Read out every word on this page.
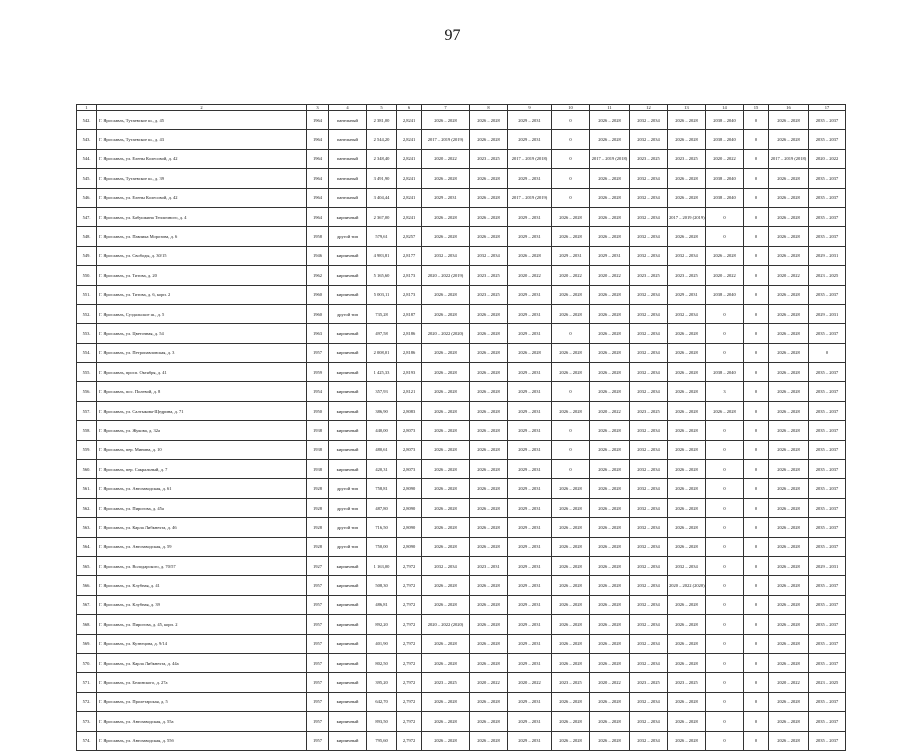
97
1	2	3	4	5	6	7	8	9	10	11	12	13	14	15	16	17
542.	Г. Ярославль, Тутаевское ш., д. 45	1964	панельный	2 381,00	2,8241	2026 – 2028	2026 – 2028	2029 – 2031	0	2026 – 2028	2032 – 2034	2026 – 2028	2038 – 2040	0	2026 – 2028	2035 – 2037
543.	Г. Ярославль, Тутаевское ш., д. 43	1964	панельный	2 544,20	2,8241	2017 – 2019 (2019)	2026 – 2028	2029 – 2031	0	2026 – 2028	2032 – 2034	2026 – 2028	2038 – 2040	0	2026 – 2028	2035 – 2037
544.	Г. Ярославль, ул. Елены Колесовой, д. 42	1964	панельный	2 348,40	2,8241	2020 – 2022	2023 – 2025	2017 – 2019 (2018)	0	2017 – 2019 (2018)	2023 – 2025	2023 – 2025	2020 – 2022	0	2017 – 2019 (2018)	2020 – 2022
545.	Г. Ярославль, Тутаевское ш., д. 39	1964	панельный	3 491,90	2,8241	2026 – 2028	2026 – 2028	2029 – 2031	0	2026 – 2028	2032 – 2034	2026 – 2028	2038 – 2040	0	2026 – 2028	2035 – 2037
546.	Г. Ярославль, ул. Елены Колесовой, д. 42	1964	панельный	3 404,44	2,8241	2029 – 2031	2026 – 2028	2017 – 2019 (2019)	0	2026 – 2028	2032 – 2034	2026 – 2028	2038 – 2040	0	2026 – 2028	2035 – 2037
547.	Г. Ярославль, ул. Бабушкина Тепличного, д. 4	1964	кирпичный	2 367,00	2,8241	2026 – 2028	2026 – 2028	2029 – 2031	2026 – 2028	2026 – 2028	2032 – 2034	2017 – 2019 (2019)	0	0	2026 – 2028	2035 – 2037
548.	Г. Ярославль, ул. Павлика Морозова, д. 6	1958	другой тип	579,61	2,8257	2026 – 2028	2026 – 2028	2029 – 2031	2026 – 2028	2026 – 2028	2032 – 2034	2026 – 2028	0	0	2026 – 2028	2035 – 2037
549.	Г. Ярославль, ул. Свободы, д. 30/15	1946	кирпичный	4 983,81	2,8177	2032 – 2034	2032 – 2034	2026 – 2028	2029 – 2031	2029 – 2031	2032 – 2034	2032 – 2034	2026 – 2028	0	2026 – 2028	2029 – 2031
550.	Г. Ярославль, ул. Титова, д. 20	1962	кирпичный	5 165,60	2,8173	2020 – 2022 (2019)	2023 – 2025	2020 – 2022	2020 – 2022	2020 – 2022	2023 – 2025	2023 – 2025	2020 – 2022	0	2020 – 2022	2023 – 2025
551.	Г. Ярославль, ул. Титова, д. 6, корп. 2	1960	кирпичный	5 003,11	2,8173	2026 – 2028	2023 – 2025	2029 – 2031	2026 – 2028	2026 – 2028	2032 – 2034	2029 – 2031	2038 – 2040	0	2026 – 2028	2035 – 2037
552.	Г. Ярославль, Суздальское ш., д. 5	1960	другой тип	735,28	2,8187	2026 – 2028	2026 – 2028	2029 – 2031	2026 – 2028	2026 – 2028	2032 – 2034	2032 – 2034	0	0	2026 – 2028	2029 – 2031
553.	Г. Ярославль, ул. Цветочная, д. 54	1963	кирпичный	497,58	2,8186	2020 – 2022 (2020)	2026 – 2028	2029 – 2031	0	2026 – 2028	2032 – 2034	2026 – 2028	0	0	2026 – 2028	2035 – 2037
554.	Г. Ярославль, ул. Петропавловская, д. 3	1957	кирпичный	2 008,01	2,8186	2026 – 2028	2026 – 2028	2026 – 2028	2026 – 2028	2026 – 2028	2032 – 2034	2026 – 2028	0	0	2026 – 2028	0
555.	Г. Ярославль, просп. Октября, д. 41	1959	кирпичный	1 425,33	2,8193	2026 – 2028	2026 – 2028	2029 – 2031	2026 – 2028	2026 – 2028	2032 – 2034	2026 – 2028	2038 – 2040	0	2026 – 2028	2035 – 2037
556.	Г. Ярославль, пос. Полевой, д. 8	1954	кирпичный	357,93	2,8121	2026 – 2028	2026 – 2028	2029 – 2031	0	2026 – 2028	2032 – 2034	2026 – 2028	3	0	2026 – 2028	2035 – 2037
557.	Г. Ярославль, ул. Салтыкова-Щедрина, д. 71	1950	кирпичный	386,90	2,8083	2026 – 2028	2026 – 2028	2029 – 2031	2026 – 2028	2020 – 2022	2023 – 2025	2026 – 2028	2026 – 2028	0	2026 – 2028	2035 – 2037
558.	Г. Ярославль, ул. Жукова, д. 32а	1938	кирпичный	440,00	2,8073	2026 – 2028	2026 – 2028	2029 – 2031	0	2026 – 2028	2032 – 2034	2026 – 2028	0	0	2026 – 2028	2035 – 2037
559.	Г. Ярославль, пер. Минина, д. 10	1938	кирпичный	480,61	2,8073	2026 – 2028	2026 – 2028	2029 – 2031	0	2026 – 2028	2032 – 2034	2026 – 2028	0	0	2026 – 2028	2035 – 2037
560.	Г. Ярославль, пер. Сакральный, д. 7	1938	кирпичный	420,31	2,8073	2026 – 2028	2026 – 2028	2029 – 2031	0	2026 – 2028	2032 – 2034	2026 – 2028	0	0	2026 – 2028	2035 – 2037
561.	Г. Ярославль, ул. Автозаводская, д. 61	1928	другой тип	758,81	2,8090	2026 – 2028	2026 – 2028	2029 – 2031	2026 – 2028	2026 – 2028	2032 – 2034	2026 – 2028	0	0	2026 – 2028	2035 – 2037
562.	Г. Ярославль, ул. Пирогова, д. 45а	1928	другой тип	487,80	2,8090	2026 – 2028	2026 – 2028	2029 – 2031	2026 – 2028	2026 – 2028	2032 – 2034	2026 – 2028	0	0	2026 – 2028	2035 – 2037
563.	Г. Ярославль, ул. Карла Либкнехта, д. 46	1928	другой тип	716,50	2,8090	2026 – 2028	2026 – 2028	2029 – 2031	2026 – 2028	2026 – 2028	2032 – 2034	2026 – 2028	0	0	2026 – 2028	2035 – 2037
564.	Г. Ярославль, ул. Автозаводская, д. 59	1928	другой тип	750,00	2,8090	2026 – 2028	2026 – 2028	2029 – 2031	2026 – 2028	2026 – 2028	2032 – 2034	2026 – 2028	0	0	2026 – 2028	2035 – 2037
565.	Г. Ярославль, ул. Володарского, д. 70/57	1927	кирпичный	1 163,00	2,7972	2032 – 2034	2023 – 2031	2029 – 2031	2026 – 2028	2026 – 2028	2032 – 2034	2032 – 2034	0	0	2026 – 2028	2029 – 2031
566.	Г. Ярославль, ул. Клубная, д. 41	1957	кирпичный	508,30	2,7972	2026 – 2028	2026 – 2028	2029 – 2031	2026 – 2028	2026 – 2028	2032 – 2034	2020 – 2022 (2020)	0	0	2026 – 2028	2035 – 2037
567.	Г. Ярославль, ул. Клубная, д. 39	1957	кирпичный	486,81	2,7972	2026 – 2028	2026 – 2028	2029 – 2031	2026 – 2028	2026 – 2028	2032 – 2034	2026 – 2028	0	0	2026 – 2028	2035 – 2037
568.	Г. Ярославль, ул. Пирогова, д. 45, корп. 2	1957	кирпичный	892,20	2,7972	2020 – 2022 (2020)	2026 – 2028	2029 – 2031	2026 – 2028	2026 – 2028	2032 – 2034	2026 – 2028	0	0	2026 – 2028	2035 – 2037
569.	Г. Ярославль, ул. Кузнецова, д. 9/14	1957	кирпичный	401,90	2,7972	2026 – 2028	2026 – 2028	2029 – 2031	2026 – 2028	2026 – 2028	2032 – 2034	2026 – 2028	0	0	2026 – 2028	2035 – 2037
570.	Г. Ярославль, ул. Карла Либкнехта, д. 44а	1957	кирпичный	802,50	2,7972	2026 – 2028	2026 – 2028	2029 – 2031	2026 – 2028	2026 – 2028	2032 – 2034	2026 – 2028	0	0	2026 – 2028	2035 – 2037
571.	Г. Ярославль, ул. Белинского, д. 27а	1957	кирпичный	395,20	2,7972	2023 – 2025	2020 – 2022	2020 – 2022	2023 – 2025	2020 – 2022	2023 – 2025	2023 – 2025	0	0	2020 – 2022	2023 – 2025
572.	Г. Ярославль, ул. Пролетарская, д. 5	1957	кирпичный	642,70	2,7972	2026 – 2028	2026 – 2028	2029 – 2031	2026 – 2028	2026 – 2028	2032 – 2034	2026 – 2028	0	0	2026 – 2028	2035 – 2037
573.	Г. Ярославль, ул. Автозаводская, д. 55а	1957	кирпичный	893,50	2,7972	2026 – 2028	2026 – 2028	2029 – 2031	2026 – 2028	2026 – 2028	2032 – 2034	2026 – 2028	0	0	2026 – 2028	2035 – 2037
574.	Г. Ярославль, ул. Автозаводская, д. 55б	1957	кирпичный	795,60	2,7972	2026 – 2028	2026 – 2028	2029 – 2031	2026 – 2028	2026 – 2028	2032 – 2034	2026 – 2028	0	0	2026 – 2028	2035 – 2037
